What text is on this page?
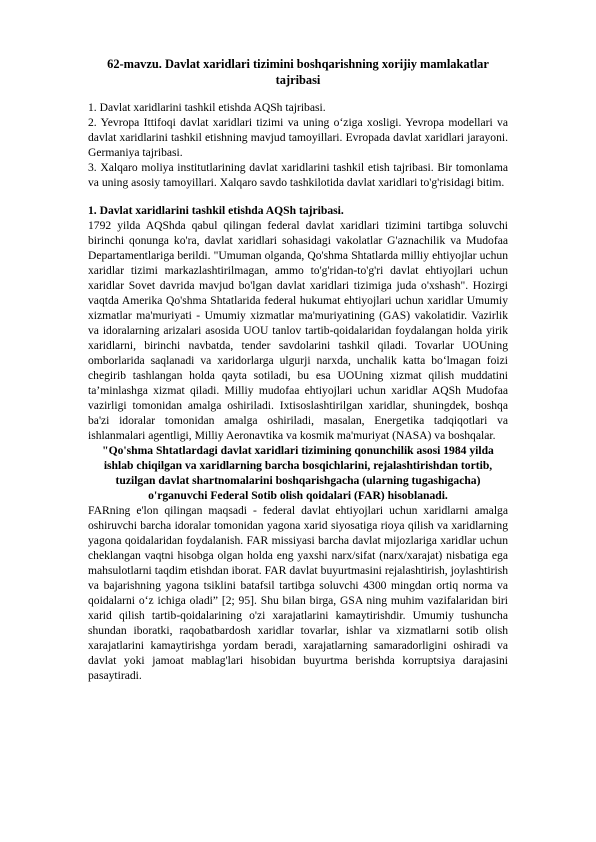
62-mavzu. Davlat xaridlari tizimini boshqarishning xorijiy mamlakatlar tajribasi

1. Davlat xaridlarini tashkil etishda AQSh tajribasi.

2. Yevropa Ittifoqi davlat xaridlari tizimi va uning o‘ziga xosligi. Yevropa modellari va davlat xaridlarini tashkil etishning mavjud tamoyillari. Evropada davlat xaridlari jarayoni. Germaniya tajribasi.

3. Xalqaro moliya institutlarining davlat xaridlarini tashkil etish tajribasi. Bir tomonlama va uning asosiy tamoyillari. Xalqaro savdo tashkilotida davlat xaridlari to'g'risidagi bitim.

1. Davlat xaridlarini tashkil etishda AQSh tajribasi.

1792 yilda AQShda qabul qilingan federal davlat xaridlari tizimini tartibga soluvchi birinchi qonunga ko'ra, davlat xaridlari sohasidagi vakolatlar G'aznachilik va Mudofaa Departamentlariga berildi. "Umuman olganda, Qo'shma Shtatlarda milliy ehtiyojlar uchun xaridlar tizimi markazlashtirilmagan, ammo to'g'ridan-to'g'ri davlat ehtiyojlari uchun xaridlar Sovet davrida mavjud bo'lgan davlat xaridlari tizimiga juda o'xshash". Hozirgi vaqtda Amerika Qo'shma Shtatlarida federal hukumat ehtiyojlari uchun xaridlar Umumiy xizmatlar ma'muriyati - Umumiy xizmatlar ma'muriyatining (GAS) vakolatidir. Vazirlik va idoralarning arizalari asosida UOU tanlov tartib-qoidalaridan foydalangan holda yirik xaridlarni, birinchi navbatda, tender savdolarini tashkil qiladi. Tovarlar UOUning omborlarida saqlanadi va xaridorlarga ulgurji narxda, unchalik katta bo‘lmagan foizi chegirib tashlangan holda qayta sotiladi, bu esa UOUning xizmat qilish muddatini ta’minlashga xizmat qiladi. Milliy mudofaa ehtiyojlari uchun xaridlar AQSh Mudofaa vazirligi tomonidan amalga oshiriladi. Ixtisoslashtirilgan xaridlar, shuningdek, boshqa ba'zi idoralar tomonidan amalga oshiriladi, masalan, Energetika tadqiqotlari va ishlanmalari agentligi, Milliy Aeronavtika va kosmik ma'muriyat (NASA) va boshqalar.

"Qo'shma Shtatlardagi davlat xaridlari tizimining qonunchilik asosi 1984 yilda ishlab chiqilgan va xaridlarning barcha bosqichlarini, rejalashtirishdan tortib, tuzilgan davlat shartnomalarini boshqarishgacha (ularning tugashigacha) o'rganuvchi Federal Sotib olish qoidalari (FAR) hisoblanadi.

FARning e'lon qilingan maqsadi - federal davlat ehtiyojlari uchun xaridlarni amalga oshiruvchi barcha idoralar tomonidan yagona xarid siyosatiga rioya qilish va xaridlarning yagona qoidalaridan foydalanish. FAR missiyasi barcha davlat mijozlariga xaridlar uchun cheklangan vaqtni hisobga olgan holda eng yaxshi narx/sifat (narx/xarajat) nisbatiga ega mahsulotlarni taqdim etishdan iborat. FAR davlat buyurtmasini rejalashtirish, joylashtirish va bajarishning yagona tsiklini batafsil tartibga soluvchi 4300 mingdan ortiq norma va qoidalarni o‘z ichiga oladi” [2; 95]. Shu bilan birga, GSA ning muhim vazifalaridan biri xarid qilish tartib-qoidalarining o'zi xarajatlarini kamaytirishdir. Umumiy tushuncha shundan iboratki, raqobatbardosh xaridlar tovarlar, ishlar va xizmatlarni sotib olish xarajatlarini kamaytirishga yordam beradi, xarajatlarning samaradorligini oshiradi va davlat yoki jamoat mablag'lari hisobidan buyurtma berishda korruptsiya darajasini pasaytiradi.
